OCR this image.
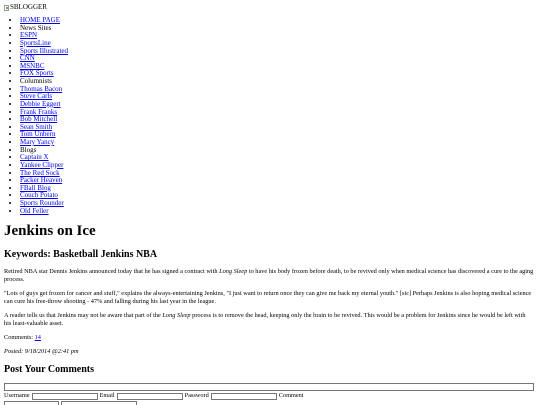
SBLOGGER
• HOME PAGE
• News Sites
• ESPN
• SportsLine
• Sports Illustrated
• CNN
• MSNBC
• FOX Sports
• Columnists
• Thomas Bacon
• Steve Carls
• Debbie Eggert
• Frank Franks
• Bob Mitchell
• Sean Smith
• Tom Unbern
• Mary Yancy
• Blogs
• Captain X
• Yankee Clipper
• The Red Sock
• Packer Heaven
• FBall Blog
• Couch Potato
• Sports Rounder
• Old Feller
Jenkins on Ice
Keywords: Basketball Jenkins NBA

Retired NBA star Dennis Jenkins announced today that he has signed a contract with Long Sleep to have his body frozen before death, to be revived only when medical science has discovered a cure to the aging process.

"Lots of guys get frozen for cancer and stuff," explains the always-entertaining Jenkins, "I just want to return once they can give me back my eternal youth." [sic] Perhaps Jenkins is also hoping medical science can cure his free-throw shooting - 47% and falling during his last year in the league.

A reader tells us that Jenkins may not be aware that part of the Long Sleep process is to remove the head, keeping only the brain to be revived. This would be a problem for Jenkins since he would be left with his least-valuable asset.

Comments: 14
Posted: 9/18/2014 @2:41 pm
Post Your Comments
Username	Email	Password	Comment
